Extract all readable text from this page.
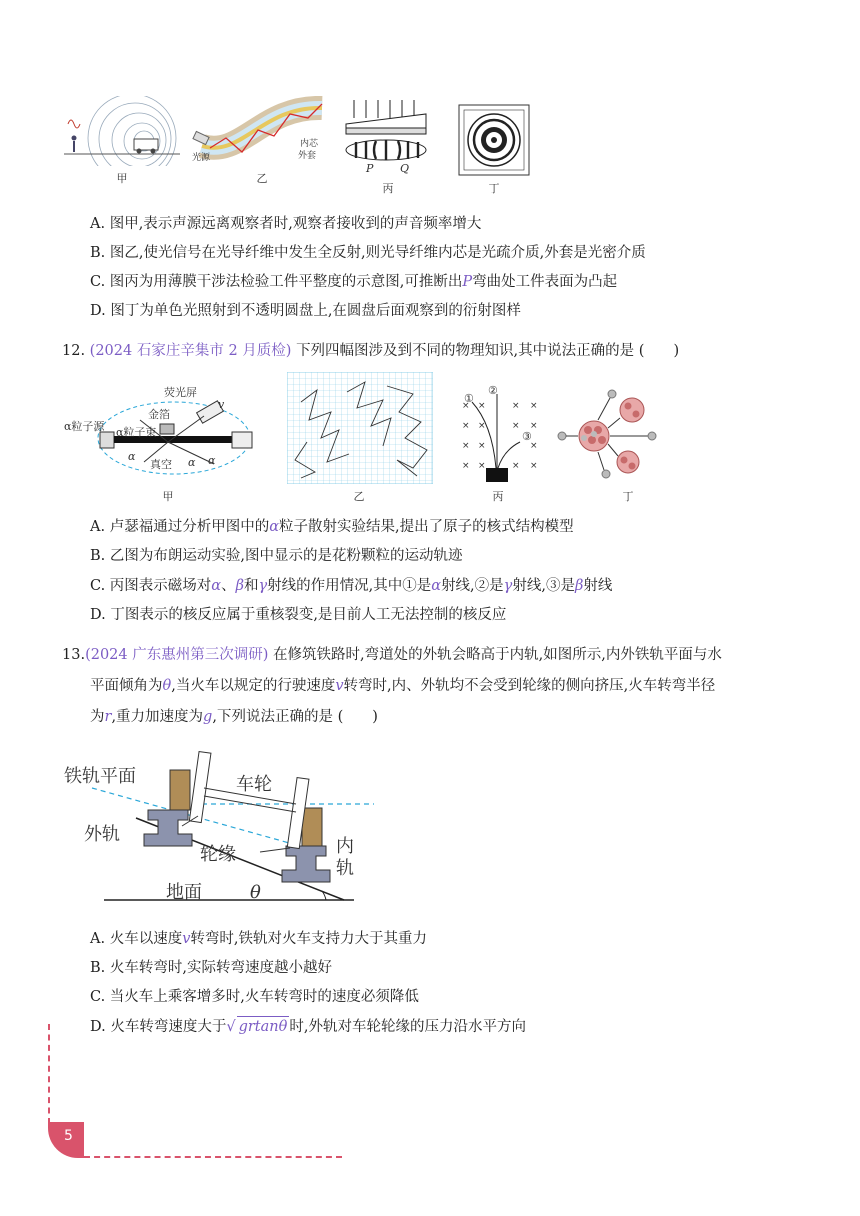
甲
光源
内芯
外套
乙
P Q
丙	丁
A. 图甲,表示声源远离观察者时,观察者接收到的声音频率增大
B. 图乙,使光信号在光导纤维中发生全反射,则光导纤维内芯是光疏介质,外套是光密介质
C. 图丙为用薄膜干涉法检验工件平整度的示意图,可推断出P弯曲处工件表面为凸起
D. 图丁为单色光照射到不透明圆盘上,在圆盘后面观察到的衍射图样
12. (2024 石家庄辛集市 2 月质检) 下列四幅图涉及到不同的物理知识,其中说法正确的是 (　　)
荧光屏
金箔
v
α粒子源 α粒子束
真空
α	α α
甲	乙
× ×	× ×
× ×	× ×
× ×	×
× ×	× ×
①
②
③
丙	丁
A. 卢瑟福通过分析甲图中的α粒子散射实验结果,提出了原子的核式结构模型
B. 乙图为布朗运动实验,图中显示的是花粉颗粒的运动轨迹
C. 丙图表示磁场对α、β和γ射线的作用情况,其中①是α射线,②是γ射线,③是β射线
D. 丁图表示的核反应属于重核裂变,是目前人工无法控制的核反应
13.(2024 广东惠州第三次调研) 在修筑铁路时,弯道处的外轨会略高于内轨,如图所示,内外铁轨平面与水
平面倾角为θ,当火车以规定的行驶速度v转弯时,内、外轨均不会受到轮缘的侧向挤压,火车转弯半径
为r,重力加速度为g,下列说法正确的是 (　　)
铁轨平面	车轮
外轨
轮缘	内
轨
地面	θ
A. 火车以速度v转弯时,铁轨对火车支持力大于其重力
B. 火车转弯时,实际转弯速度越小越好
C. 当火车上乘客增多时,火车转弯时的速度必须降低
D. 火车转弯速度大于√ grtanθ 时,外轨对车轮轮缘的压力沿水平方向
5
